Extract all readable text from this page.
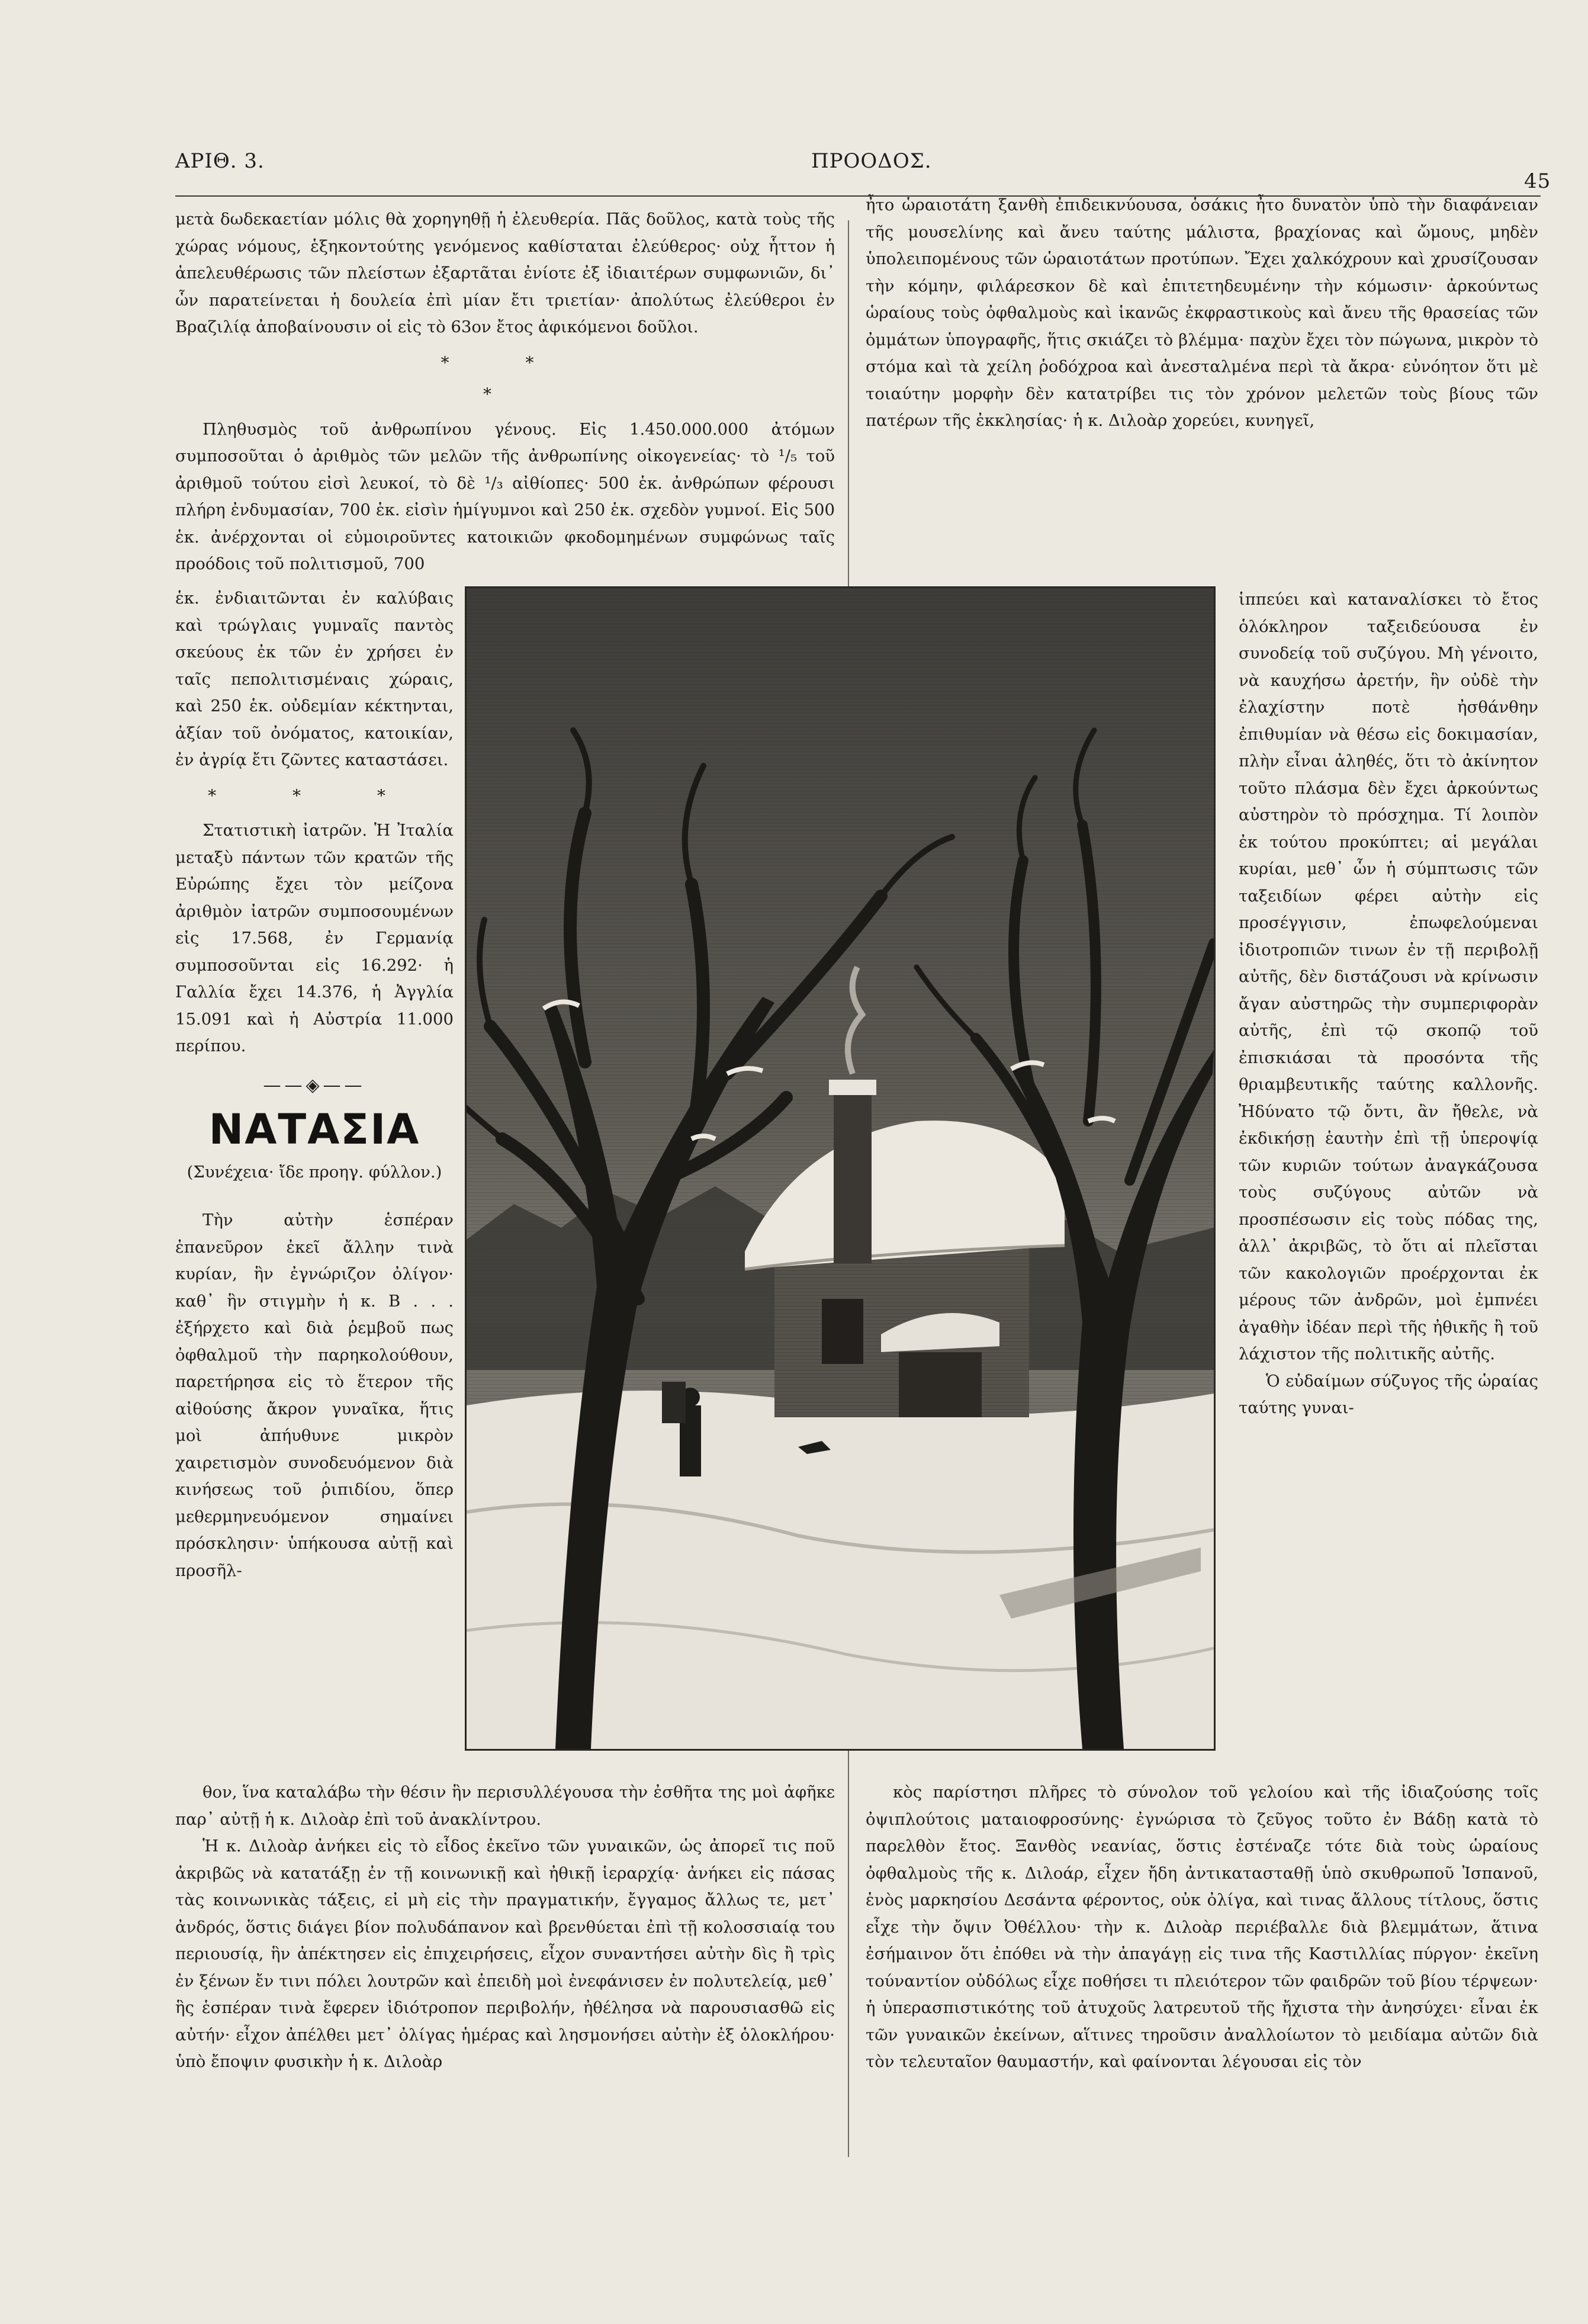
ΑΡΙΘ. 3.	ΠΡΟΟΔΟΣ.
45

μετὰ δωδεκαετίαν μόλις θὰ χορηγηθῇ ἡ ἐλευθερία. Πᾶς δοῦλος, κατὰ τοὺς τῆς χώρας νόμους, ἑξηκοντούτης γενόμενος καθίσταται ἐλεύθερος· οὐχ ἧττον ἡ ἀπελευθέρωσις τῶν πλείστων ἐξαρτᾶται ἐνίοτε ἐξ ἰδιαιτέρων συμφωνιῶν, δι᾽ ὧν παρατείνεται ἡ δουλεία ἐπὶ μίαν ἔτι τριετίαν· ἀπολύτως ἐλεύθεροι ἐν Βραζιλίᾳ ἀποβαίνουσιν οἱ εἰς τὸ 63ον ἔτος ἀφικόμενοι δοῦλοι.

* *
*

Πληθυσμὸς τοῦ ἀνθρωπίνου γένους. Εἰς 1.450.000.000 ἀτόμων συμποσοῦται ὁ ἀριθμὸς τῶν μελῶν τῆς ἀνθρωπίνης οἰκογενείας· τὸ ¹/₅ τοῦ ἀριθμοῦ τούτου εἰσὶ λευκοί, τὸ δὲ ¹/₃ αἰθίοπες· 500 ἑκ. ἀνθρώπων φέρουσι πλήρη ἐνδυμασίαν, 700 ἑκ. εἰσὶν ἡμίγυμνοι καὶ 250 ἑκ. σχεδὸν γυμνοί. Εἰς 500 ἑκ. ἀνέρχονται οἱ εὐμοιροῦντες κατοικιῶν φκοδομημένων συμφώνως ταῖς προόδοις τοῦ πολιτισμοῦ, 700

ἑκ. ἐνδιαιτῶνται ἐν καλύβαις καὶ τρώγλαις γυμναῖς παντὸς σκεύους ἐκ τῶν ἐν χρήσει ἐν ταῖς πεπολιτισμέναις χώραις, καὶ 250 ἑκ. οὐδεμίαν κέκτηνται, ἀξίαν τοῦ ὀνόματος, κατοικίαν, ἐν ἀγρίᾳ ἔτι ζῶντες καταστάσει.

* * *

Στατιστικὴ ἰατρῶν. Ἡ Ἰταλία μεταξὺ πάντων τῶν κρατῶν τῆς Εὐρώπης ἔχει τὸν μείζονα ἀριθμὸν ἰατρῶν συμποσουμένων εἰς 17.568, ἐν Γερμανίᾳ συμποσοῦνται εἰς 16.292· ἡ Γαλλία ἔχει 14.376, ἡ Ἀγγλία 15.091 καὶ ἡ Αὐστρία 11.000 περίπου.

——◈——
ΝΑΤΑΣΙΑ
(Συνέχεια· ἴδε προηγ. φύλλον.)

Τὴν αὐτὴν ἑσπέραν ἐπανεῦρον ἐκεῖ ἄλλην τινὰ κυρίαν, ἣν ἐγνώριζον ὀλίγον· καθ᾽ ἣν στιγμὴν ἡ κ. Β . . . ἐξήρχετο καὶ διὰ ῥεμβοῦ πως ὀφθαλμοῦ τὴν παρηκολούθουν, παρετήρησα εἰς τὸ ἕτερον τῆς αἰθούσης ἄκρον γυναῖκα, ἥτις μοὶ ἀπήυθυνε μικρὸν χαιρετισμὸν συνοδευόμενον διὰ κινήσεως τοῦ ῥιπιδίου, ὅπερ μεθερμηνευόμενον σημαίνει πρόσκλησιν· ὑπήκουσα αὐτῇ καὶ προσῆλ-

ἦτο ὡραιοτάτη ξανθὴ ἐπιδεικνύουσα, ὁσάκις ἦτο δυνατὸν ὑπὸ τὴν διαφάνειαν τῆς μουσελίνης καὶ ἄνευ ταύτης μάλιστα, βραχίονας καὶ ὤμους, μηδὲν ὑπολειπομένους τῶν ὡραιοτάτων προτύπων. Ἔχει χαλκόχρουν καὶ χρυσίζουσαν τὴν κόμην, φιλάρεσκον δὲ καὶ ἐπιτετηδευμένην τὴν κόμωσιν· ἀρκούντως ὡραίους τοὺς ὀφθαλμοὺς καὶ ἱκανῶς ἐκφραστικοὺς καὶ ἄνευ τῆς θρασείας τῶν ὀμμάτων ὑπογραφῆς, ἥτις σκιάζει τὸ βλέμμα· παχὺν ἔχει τὸν πώγωνα, μικρὸν τὸ στόμα καὶ τὰ χείλη ῥοδόχροα καὶ ἀνεσταλμένα περὶ τὰ ἄκρα· εὐνόητον ὅτι μὲ τοιαύτην μορφὴν δὲν κατατρίβει τις τὸν χρόνον μελετῶν τοὺς βίους τῶν πατέρων τῆς ἐκκλησίας· ἡ κ. Διλοὰρ χορεύει, κυνηγεῖ,

ἱππεύει καὶ καταναλίσκει τὸ ἔτος ὁλόκληρον ταξειδεύουσα ἐν συνοδείᾳ τοῦ συζύγου. Μὴ γένοιτο, νὰ καυχήσω ἀρετήν, ἣν οὐδὲ τὴν ἐλαχίστην ποτὲ ἠσθάνθην ἐπιθυμίαν νὰ θέσω εἰς δοκιμασίαν, πλὴν εἶναι ἀληθές, ὅτι τὸ ἀκίνητον τοῦτο πλάσμα δὲν ἔχει ἀρκούντως αὐστηρὸν τὸ πρόσχημα. Τί λοιπὸν ἐκ τούτου προκύπτει; αἱ μεγάλαι κυρίαι, μεθ᾽ ὧν ἡ σύμπτωσις τῶν ταξειδίων φέρει αὐτὴν εἰς προσέγγισιν, ἐπωφελούμεναι ἰδιοτροπιῶν τινων ἐν τῇ περιβολῇ αὐτῆς, δὲν διστάζουσι νὰ κρίνωσιν ἄγαν αὐστηρῶς τὴν συμπεριφορὰν αὐτῆς, ἐπὶ τῷ σκοπῷ τοῦ ἐπισκιάσαι τὰ προσόντα τῆς θριαμβευτικῆς ταύτης καλλονῆς. Ἠδύνατο τῷ ὄντι, ἂν ἤθελε, νὰ ἐκδικήσῃ ἑαυτὴν ἐπὶ τῇ ὑπεροψίᾳ τῶν κυριῶν τούτων ἀναγκάζουσα τοὺς συζύγους αὐτῶν νὰ προσπέσωσιν εἰς τοὺς πόδας της, ἀλλ᾽ ἀκριβῶς, τὸ ὅτι αἱ πλεῖσται τῶν κακολογιῶν προέρχονται ἐκ μέρους τῶν ἀνδρῶν, μοὶ ἐμπνέει ἀγαθὴν ἰδέαν περὶ τῆς ἠθικῆς ἢ τοῦ λάχιστον τῆς πολιτικῆς αὐτῆς.

Ὁ εὐδαίμων σύζυγος τῆς ὡραίας ταύτης γυναι-

θον, ἵνα καταλάβω τὴν θέσιν ἣν περισυλλέγουσα τὴν ἐσθῆτα της μοὶ ἀφῆκε παρ᾽ αὐτῇ ἡ κ. Διλοὰρ ἐπὶ τοῦ ἀνακλίντρου.

Ἡ κ. Διλοὰρ ἀνήκει εἰς τὸ εἶδος ἐκεῖνο τῶν γυναικῶν, ὡς ἀπορεῖ τις ποῦ ἀκριβῶς νὰ κατατάξῃ ἐν τῇ κοινωνικῇ καὶ ἠθικῇ ἱεραρχίᾳ· ἀνήκει εἰς πάσας τὰς κοινωνικὰς τάξεις, εἰ μὴ εἰς τὴν πραγματικήν, ἔγγαμος ἄλλως τε, μετ᾽ ἀνδρός, ὅστις διάγει βίον πολυδάπανον καὶ βρενθύεται ἐπὶ τῇ κολοσσιαίᾳ του περιουσίᾳ, ἣν ἀπέκτησεν εἰς ἐπιχειρήσεις, εἶχον συναντήσει αὐτὴν δὶς ἢ τρὶς ἐν ξένων ἔν τινι πόλει λουτρῶν καὶ ἐπειδὴ μοὶ ἐνεφάνισεν ἐν πολυτελείᾳ, μεθ᾽ ἣς ἑσπέραν τινὰ ἔφερεν ἰδιότροπον περιβολήν, ἠθέλησα νὰ παρουσιασθῶ εἰς αὐτήν· εἶχον ἀπέλθει μετ᾽ ὀλίγας ἡμέρας καὶ λησμονήσει αὐτὴν ἐξ ὁλοκλήρου· ὑπὸ ἔποψιν φυσικὴν ἡ κ. Διλοὰρ

κὸς παρίστησι πλῆρες τὸ σύνολον τοῦ γελοίου καὶ τῆς ἰδιαζούσης τοῖς ὀψιπλούτοις ματαιοφροσύνης· ἐγνώρισα τὸ ζεῦγος τοῦτο ἐν Βάδῃ κατὰ τὸ παρελθὸν ἔτος. Ξανθὸς νεανίας, ὅστις ἐστέναζε τότε διὰ τοὺς ὡραίους ὀφθαλμοὺς τῆς κ. Διλοάρ, εἶχεν ἤδη ἀντικατασταθῇ ὑπὸ σκυθρωποῦ Ἰσπανοῦ, ἑνὸς μαρκησίου Δεσάντα φέροντος, οὐκ ὀλίγα, καὶ τινας ἄλλους τίτλους, ὅστις εἶχε τὴν ὄψιν Ὀθέλλου· τὴν κ. Διλοὰρ περιέβαλλε διὰ βλεμμάτων, ἅτινα ἐσήμαινον ὅτι ἐπόθει νὰ τὴν ἀπαγάγῃ εἰς τινα τῆς Καστιλλίας πύργον· ἐκεῖνη τούναντίον οὐδόλως εἶχε ποθήσει τι πλειότερον τῶν φαιδρῶν τοῦ βίου τέρψεων· ἡ ὑπερασπιστικότης τοῦ ἀτυχοῦς λατρευτοῦ τῆς ἤχιστα τὴν ἀνησύχει· εἶναι ἐκ τῶν γυναικῶν ἐκείνων, αἵτινες τηροῦσιν ἀναλλοίωτον τὸ μειδίαμα αὐτῶν διὰ τὸν τελευταῖον θαυμαστήν, καὶ φαίνονται λέγουσαι εἰς τὸν
